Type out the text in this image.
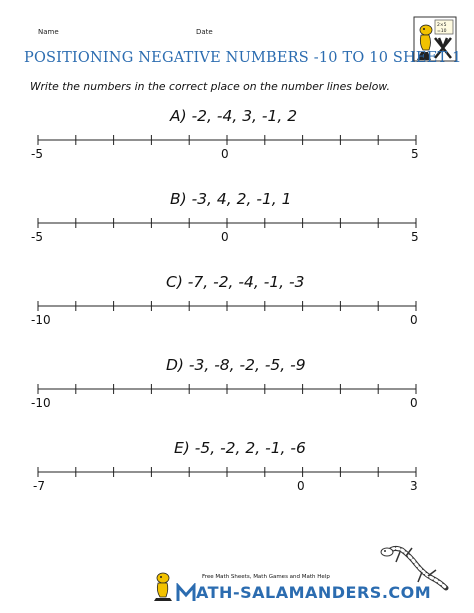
Name	Date
2×5
=10
POSITIONING NEGATIVE NUMBERS -10 TO 10 SHEET 1
Write the numbers in the correct place on the number lines below.
A) -2, -4, 3, -1, 2
B) -3, 4, 2, -1, 1
C) -7, -2, -4, -1, -3
D) -3, -8, -2, -5, -9
E) -5, -2, 2, -1, -6
-5	0	5
-5	0	5
-10	0
-10	0
-7	0	3
Free Math Sheets, Math Games and Math Help
ATH-SALAMANDERS.COM
